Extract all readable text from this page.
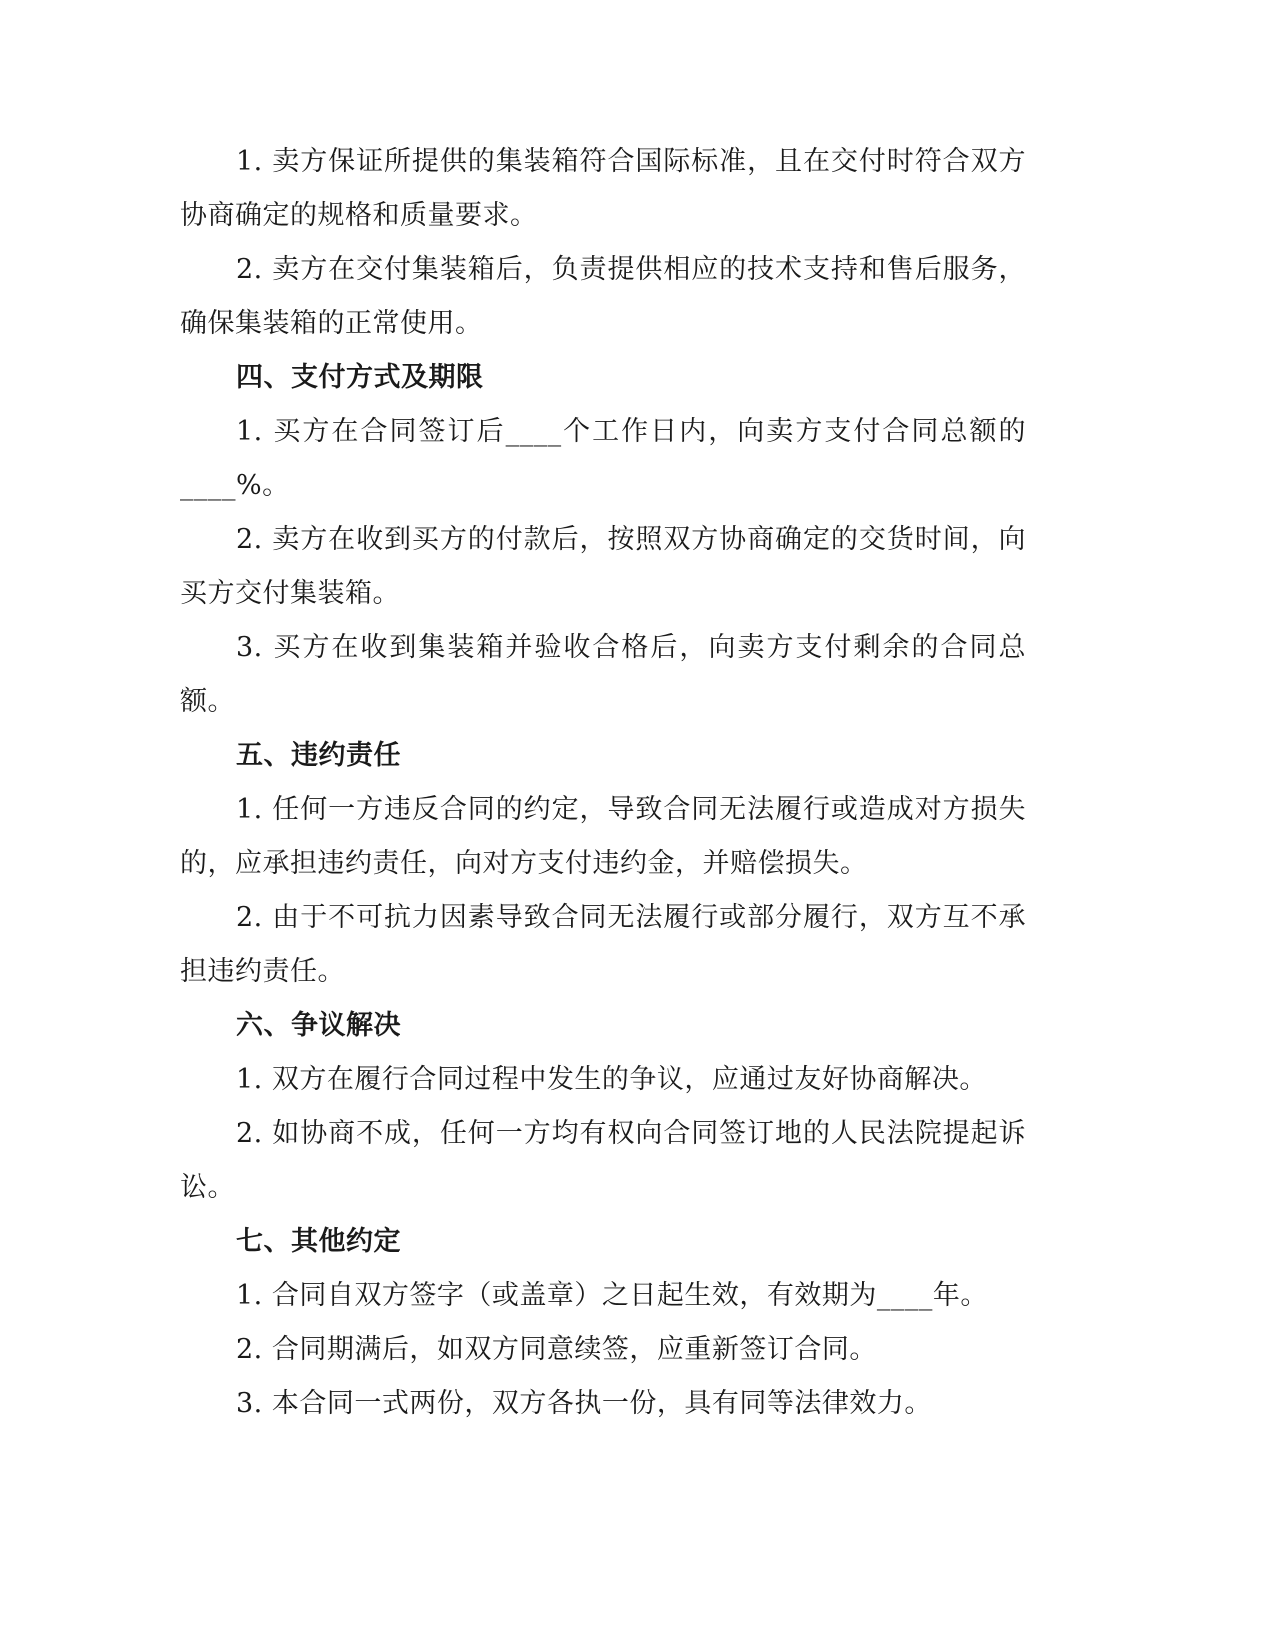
1. 卖方保证所提供的集装箱符合国际标准，且在交付时符合双方协商确定的规格和质量要求。

2. 卖方在交付集装箱后，负责提供相应的技术支持和售后服务，确保集装箱的正常使用。

四、支付方式及期限

1. 买方在合同签订后____个工作日内，向卖方支付合同总额的____%。

2. 卖方在收到买方的付款后，按照双方协商确定的交货时间，向买方交付集装箱。

3. 买方在收到集装箱并验收合格后，向卖方支付剩余的合同总额。

五、违约责任

1. 任何一方违反合同的约定，导致合同无法履行或造成对方损失的，应承担违约责任，向对方支付违约金，并赔偿损失。

2. 由于不可抗力因素导致合同无法履行或部分履行，双方互不承担违约责任。

六、争议解决

1. 双方在履行合同过程中发生的争议，应通过友好协商解决。

2. 如协商不成，任何一方均有权向合同签订地的人民法院提起诉讼。

七、其他约定

1. 合同自双方签字（或盖章）之日起生效，有效期为____年。

2. 合同期满后，如双方同意续签，应重新签订合同。

3. 本合同一式两份，双方各执一份，具有同等法律效力。
